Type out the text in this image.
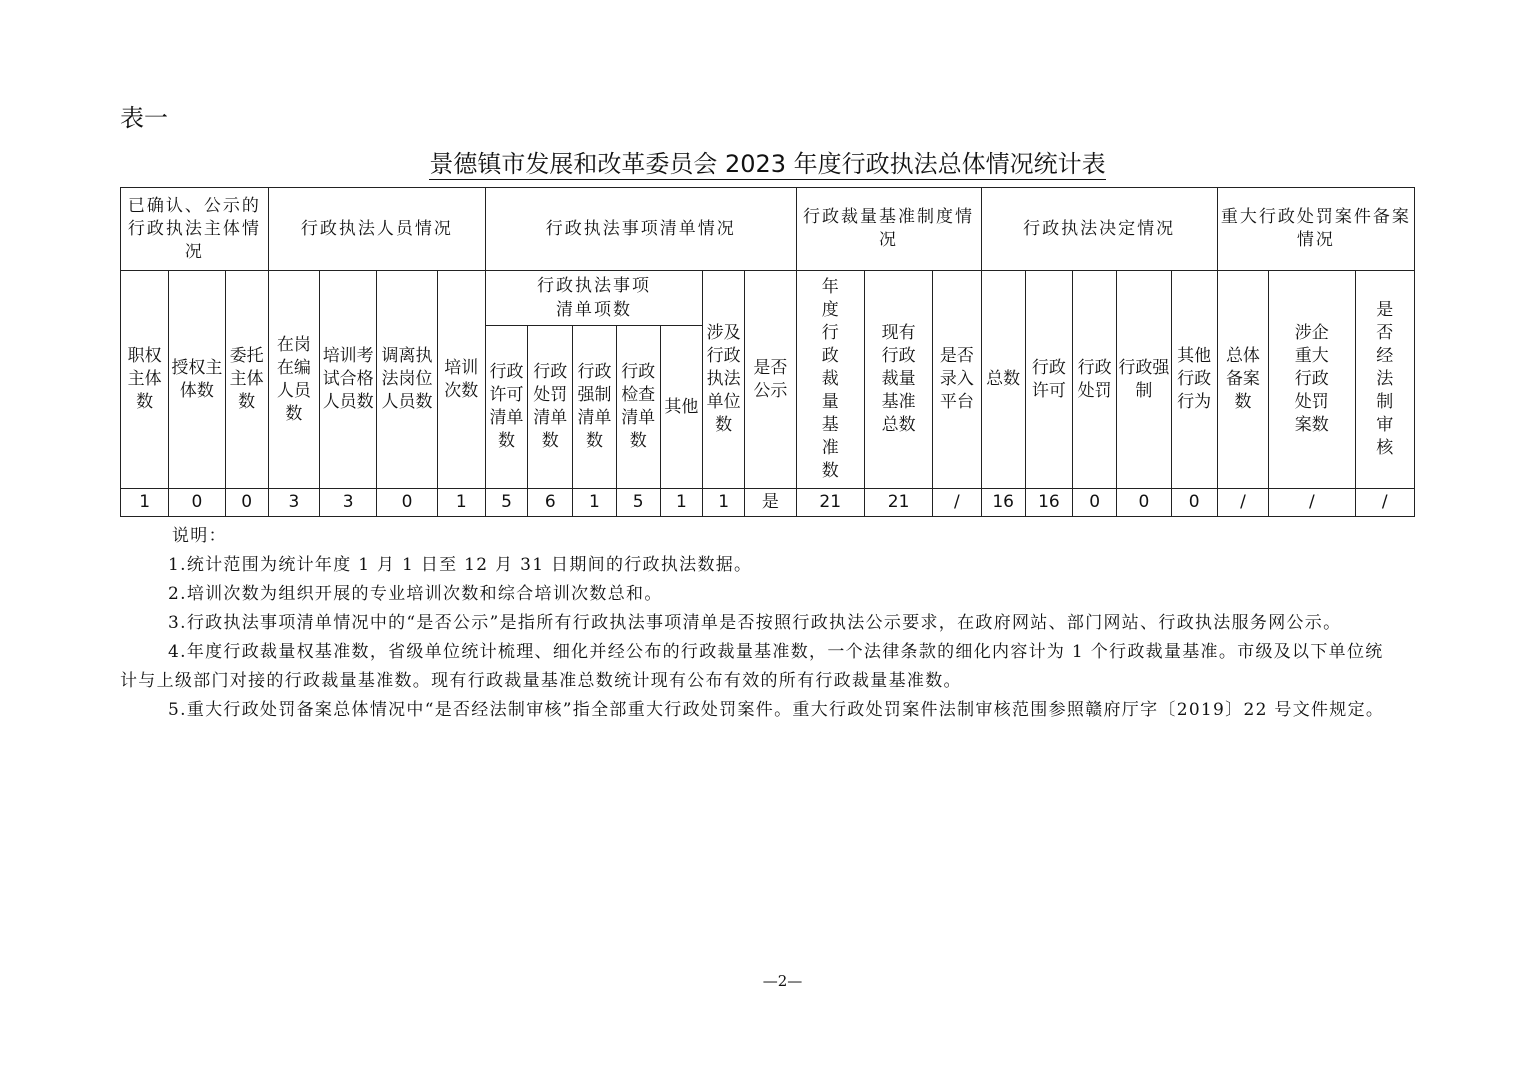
表一
景德镇市发展和改革委员会 2023 年度行政执法总体情况统计表
已确认、公示的行政执法主体情况			行政执法人员情况				行政执法事项清单情况							行政裁量基准制度情况			行政执法决定情况					重大行政处罚案件备案情况		
职权主体数	授权主体数	委托主体数	在岗在编人员数	培训考试合格人员数	调离执法岗位人员数	培训次数	行政执法事项清单项数					涉及行政执法单位数	是否公示	年度行政裁量基准数	现有行政裁量基准总数	是否录入平台	总数	行政许可	行政处罚	行政强制	其他行政行为	总体备案数	涉企重大行政处罚案数	是否经法制审核
							行政许可清单数	行政处罚清单数	行政强制清单数	行政检查清单数	其他													
1	0	0	3	3	0	1	5	6	1	5	1	1	是	21	21	/	16	16	0	0	0	/	/	/

说明：

1.统计范围为统计年度 1 月 1 日至 12 月 31 日期间的行政执法数据。

2.培训次数为组织开展的专业培训次数和综合培训次数总和。

3.行政执法事项清单情况中的“是否公示”是指所有行政执法事项清单是否按照行政执法公示要求，在政府网站、部门网站、行政执法服务网公示。

4.年度行政裁量权基准数，省级单位统计梳理、细化并经公布的行政裁量基准数，一个法律条款的细化内容计为 1 个行政裁量基准。市级及以下单位统计与上级部门对接的行政裁量基准数。现有行政裁量基准总数统计现有公布有效的所有行政裁量基准数。

5.重大行政处罚备案总体情况中“是否经法制审核”指全部重大行政处罚案件。重大行政处罚案件法制审核范围参照赣府厅字〔2019〕22 号文件规定。

—2—
